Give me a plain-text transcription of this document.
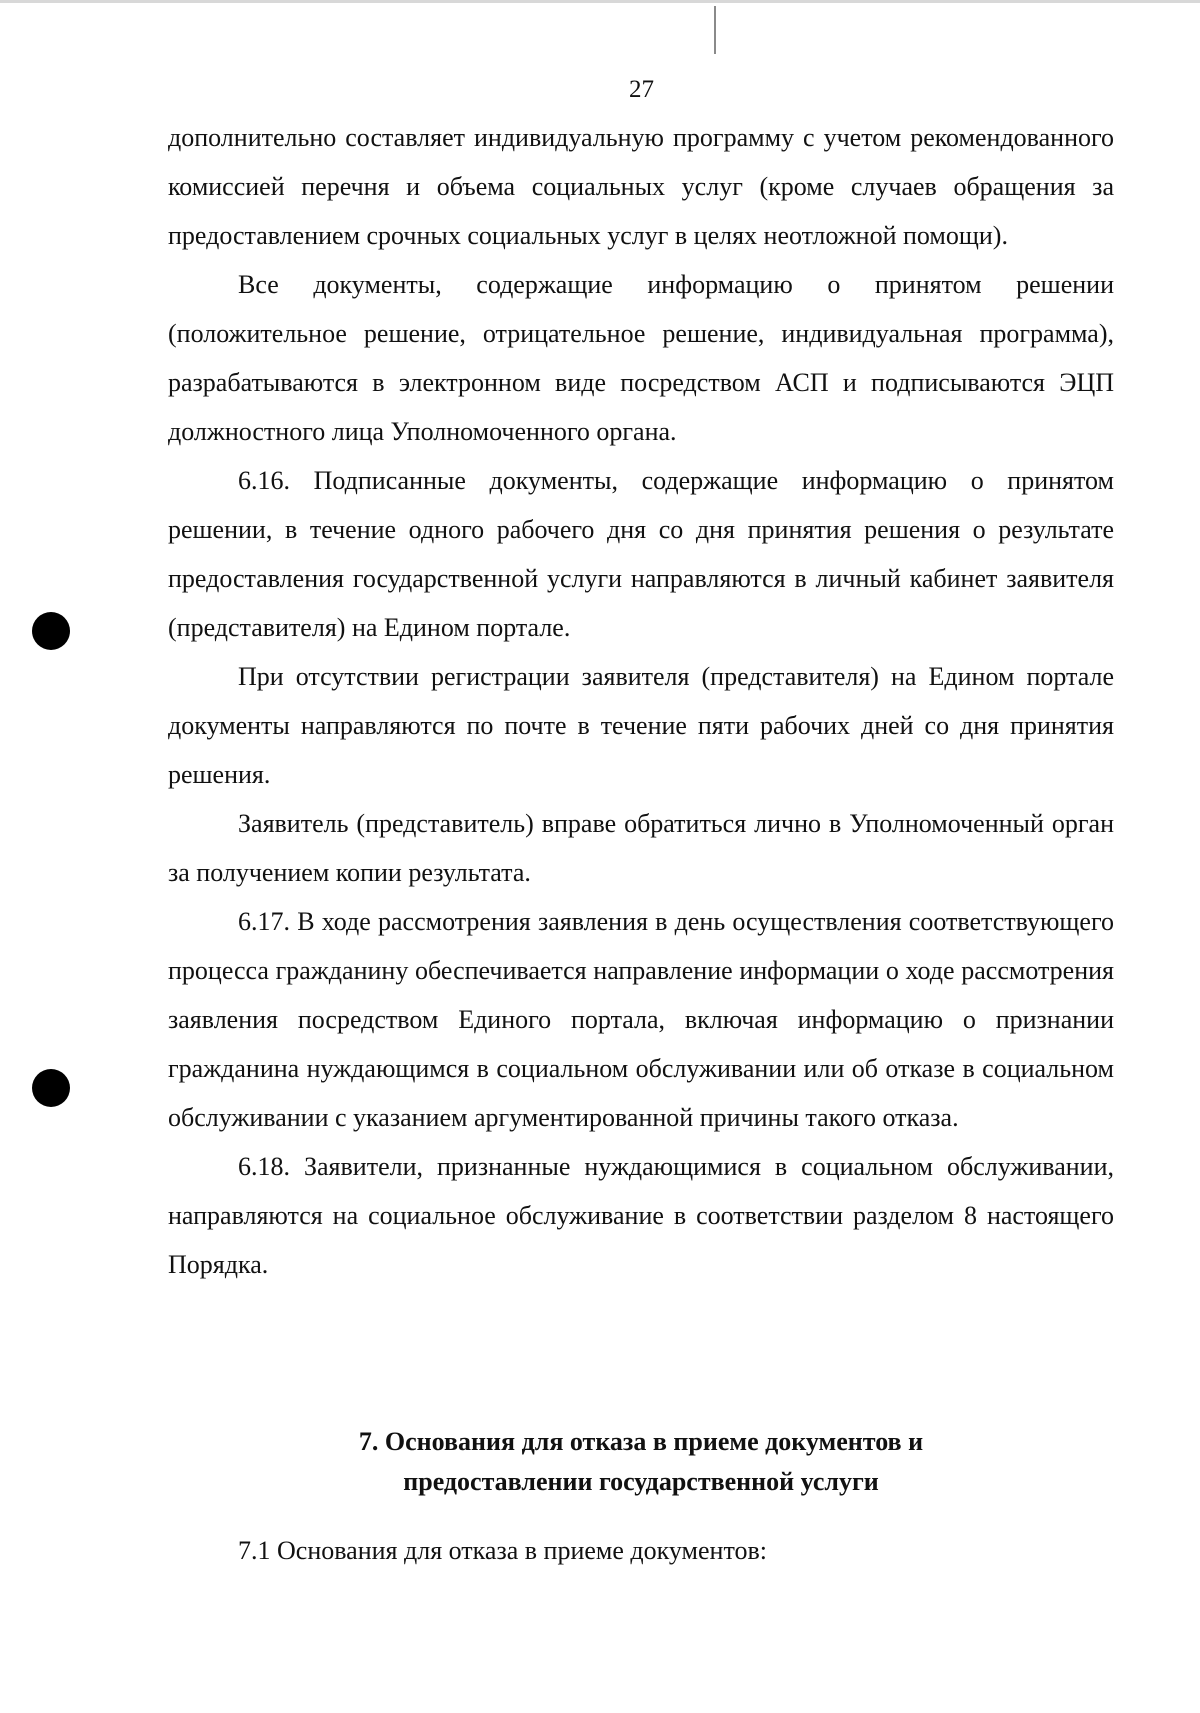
27

дополнительно составляет индивидуальную программу с учетом рекомендованного комиссией перечня и объема социальных услуг (кроме случаев обращения за предоставлением срочных социальных услуг в целях неотложной помощи).

Все документы, содержащие информацию о принятом решении (положительное решение, отрицательное решение, индивидуальная программа), разрабатываются в электронном виде посредством АСП и подписываются ЭЦП должностного лица Уполномоченного органа.

6.16. Подписанные документы, содержащие информацию о принятом решении, в течение одного рабочего дня со дня принятия решения о результате предоставления государственной услуги направляются в личный кабинет заявителя (представителя) на Едином портале.

При отсутствии регистрации заявителя (представителя) на Едином портале документы направляются по почте в течение пяти рабочих дней со дня принятия решения.

Заявитель (представитель) вправе обратиться лично в Уполномоченный орган за получением копии результата.

6.17. В ходе рассмотрения заявления в день осуществления соответствующего процесса гражданину обеспечивается направление информации о ходе рассмотрения заявления посредством Единого портала, включая информацию о признании гражданина нуждающимся в социальном обслуживании или об отказе в социальном обслуживании с указанием аргументированной причины такого отказа.

6.18. Заявители, признанные нуждающимися в социальном обслуживании, направляются на социальное обслуживание в соответствии разделом 8 настоящего Порядка.

7. Основания для отказа в приеме документов и
предоставлении государственной услуги
7.1 Основания для отказа в приеме документов:
